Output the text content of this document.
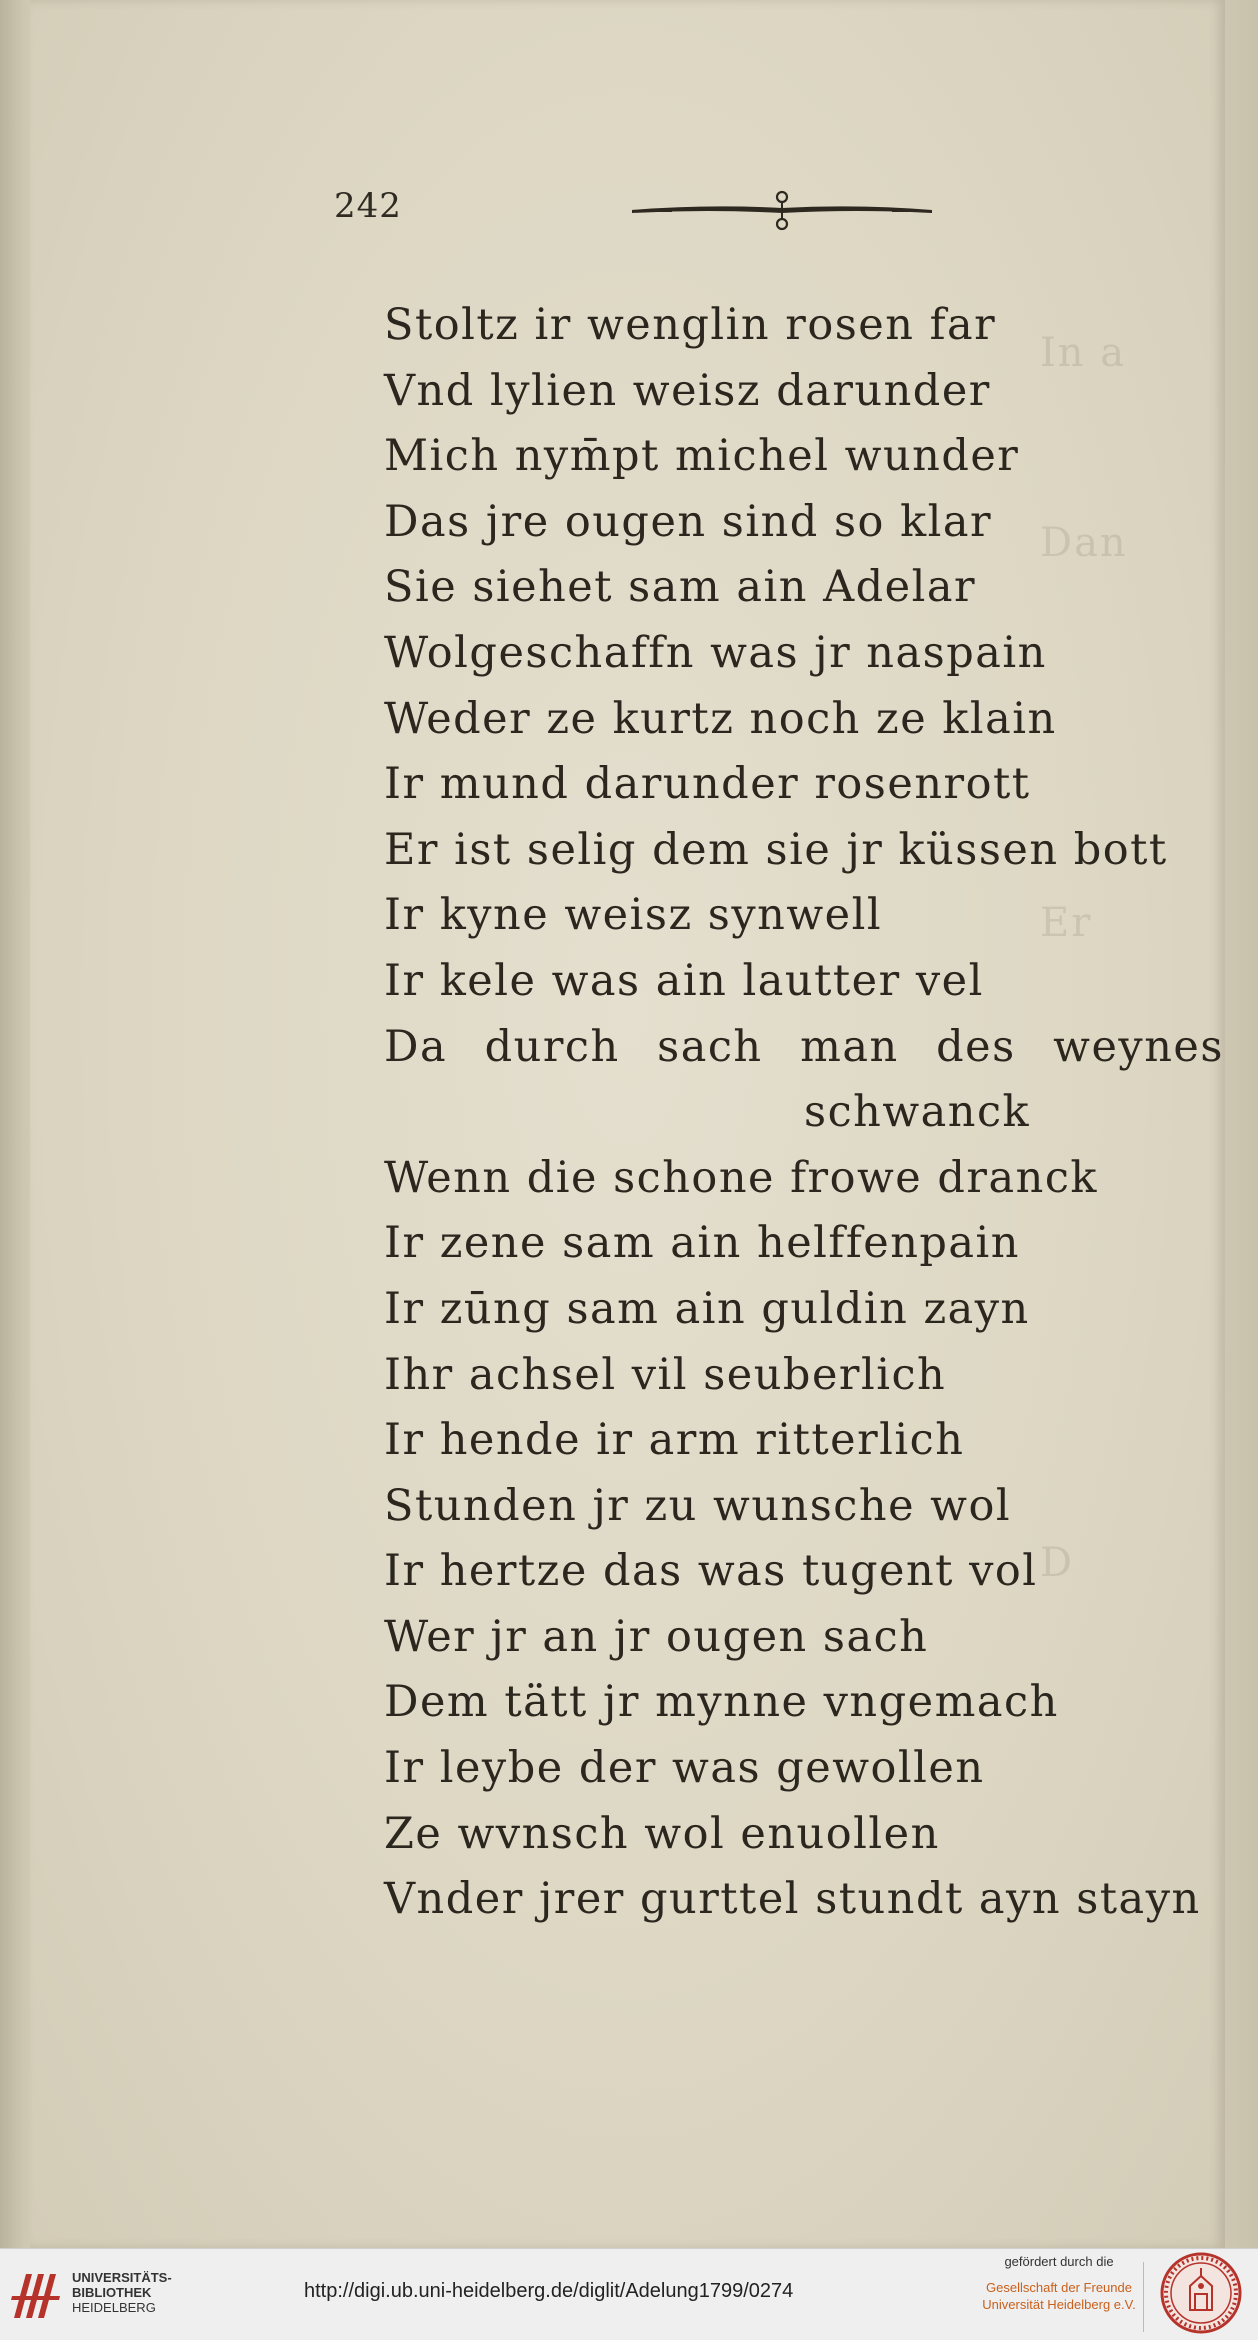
In a
Dan
Er
D
242
Stoltz ir wenglin rosen far
Vnd lylien weisz darunder
Mich nym̄pt michel wunder
Das jre ougen sind so klar
Sie siehet sam ain Adelar
Wolgeschaffn was jr naspain
Weder ze kurtz noch ze klain
Ir mund darunder rosenrott
Er ist selig dem sie jr küssen bott
Ir kyne weisz synwell
Ir kele was ain lautter vel
Da durch sach man des weynes
schwanck
Wenn die schone frowe dranck
Ir zene sam ain helffenpain
Ir zūng sam ain guldin zayn
Ihr achsel vil seuberlich
Ir hende ir arm ritterlich
Stunden jr zu wunsche wol
Ir hertze das was tugent vol
Wer jr an jr ougen sach
Dem tätt jr mynne vngemach
Ir leybe der was gewollen
Ze wvnsch wol enuollen
Vnder jrer gurttel stundt ayn stayn
UNIVERSITÄTS-
BIBLIOTHEK
HEIDELBERG
http://digi.ub.uni-heidelberg.de/diglit/Adelung1799/0274
gefördert durch die
Gesellschaft der Freunde
Universität Heidelberg e.V.
